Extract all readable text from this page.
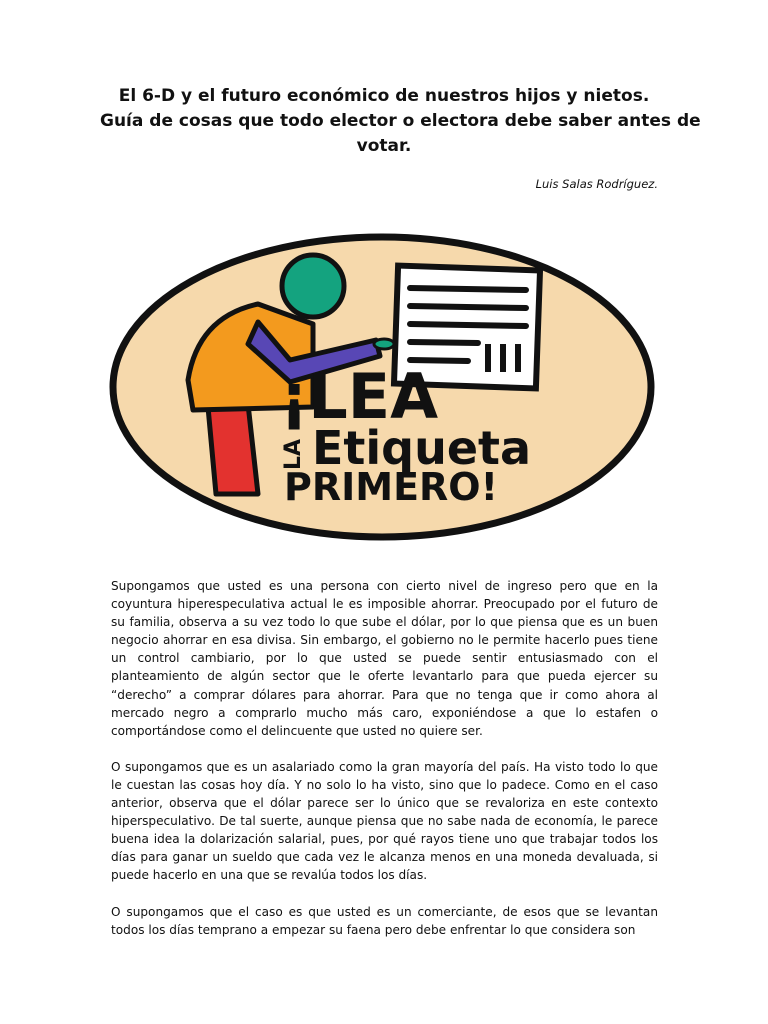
El 6-D y el futuro económico de nuestros hijos y nietos.
Guía de cosas que todo elector o electora debe saber antes de
votar.
Luis Salas Rodríguez.
¡LEA
LA Etiqueta
PRIMERO!

Supongamos que usted es una persona con cierto nivel de ingreso pero que en la coyuntura hiperespeculativa actual le es imposible ahorrar. Preocupado por el futuro de su familia, observa a su vez todo lo que sube el dólar, por lo que piensa que es un buen negocio ahorrar en esa divisa. Sin embargo, el gobierno no le permite hacerlo pues tiene un control cambiario, por lo que usted se puede sentir entusiasmado con el planteamiento de algún sector que le oferte levantarlo para que pueda ejercer su “derecho” a comprar dólares para ahorrar. Para que no tenga que ir como ahora al mercado negro a comprarlo mucho más caro, exponiéndose a que lo estafen o comportándose como el delincuente que usted no quiere ser.

O supongamos que es un asalariado como la gran mayoría del país. Ha visto todo lo que le cuestan las cosas hoy día. Y no solo lo ha visto, sino que lo padece. Como en el caso anterior, observa que el dólar parece ser lo único que se revaloriza en este contexto hiperspeculativo. De tal suerte, aunque piensa que no sabe nada de economía, le parece buena idea la dolarización salarial, pues, por qué rayos tiene uno que trabajar todos los días para ganar un sueldo que cada vez le alcanza menos en una moneda devaluada, si puede hacerlo en una que se revalúa todos los días.

O supongamos que el caso es que usted es un comerciante, de esos que se levantan todos los días temprano a empezar su faena pero debe enfrentar lo que considera son
